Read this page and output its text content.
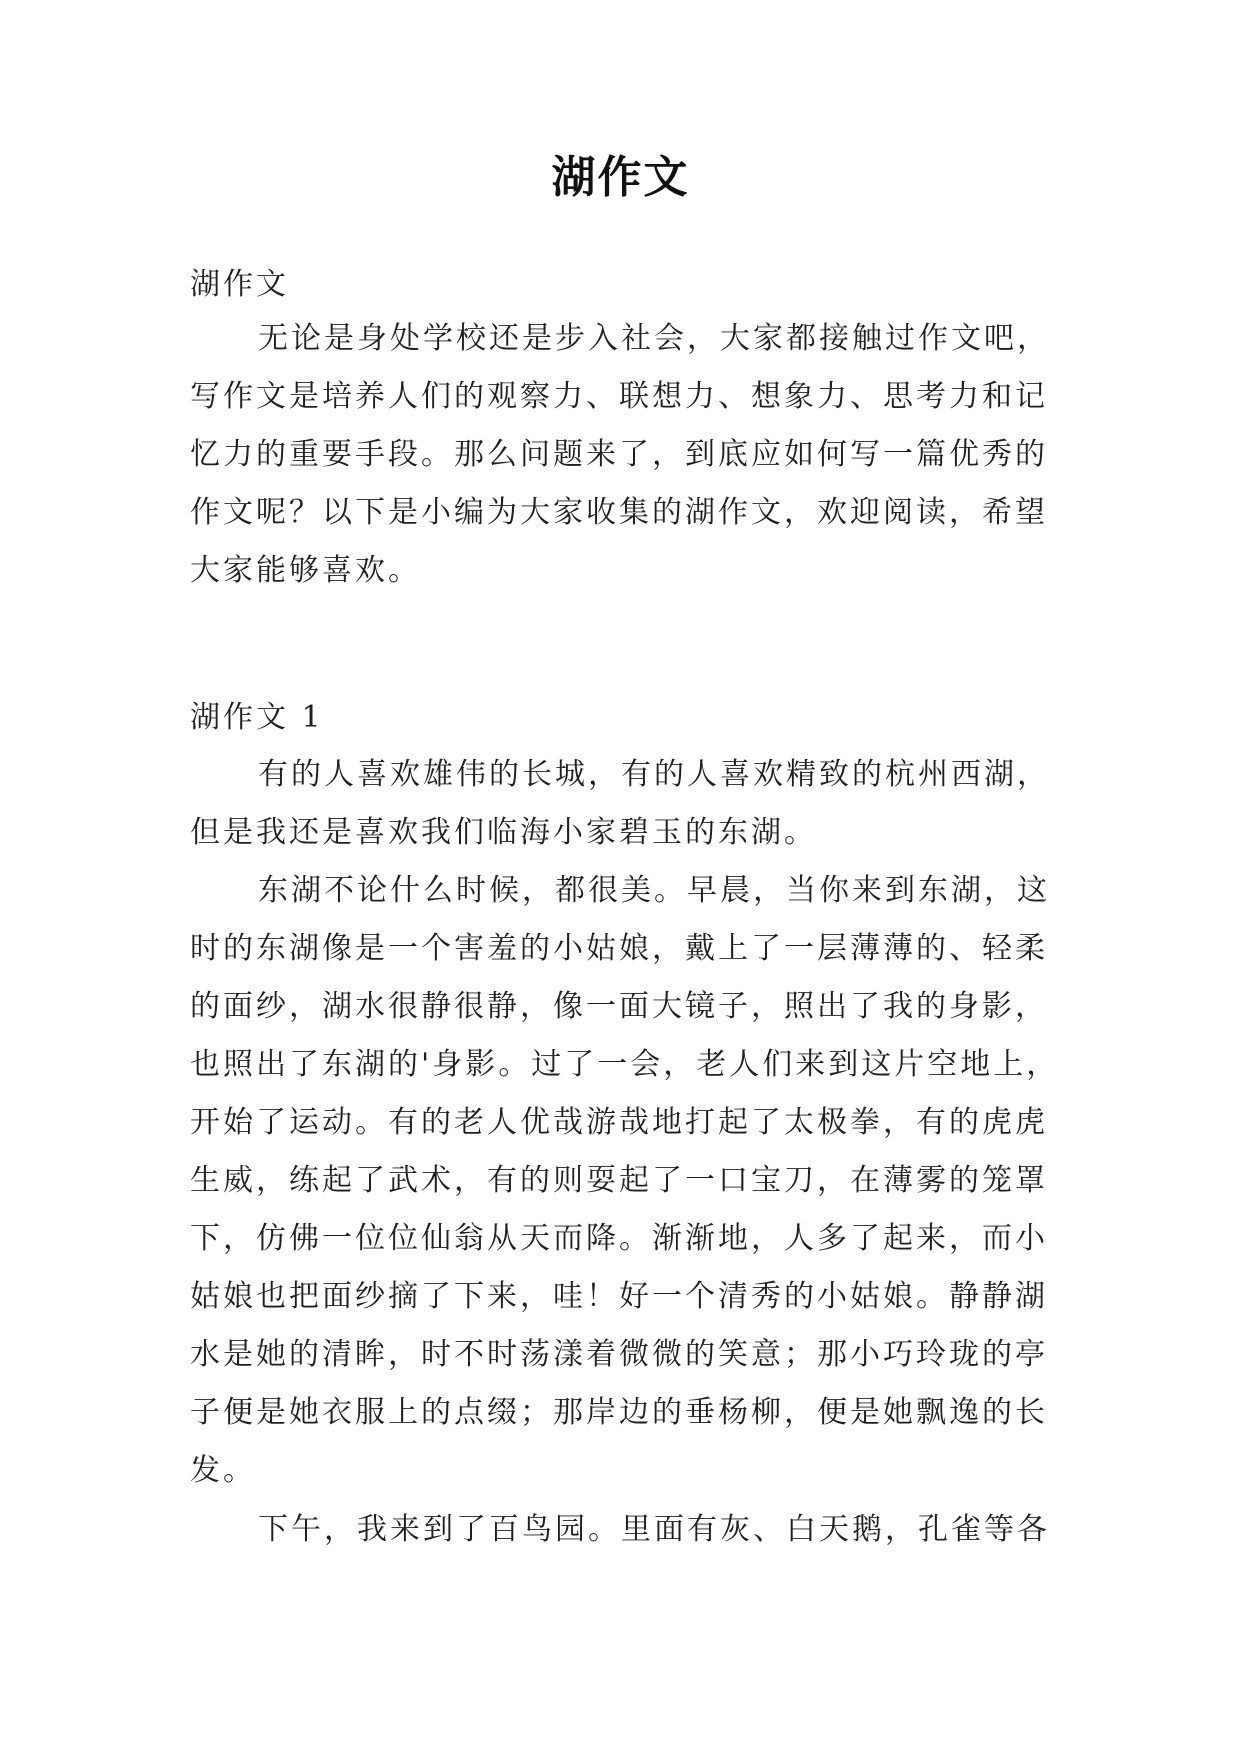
湖作文
湖作文
无论是身处学校还是步入社会，大家都接触过作文吧，
写作文是培养人们的观察力、联想力、想象力、思考力和记
忆力的重要手段。那么问题来了，到底应如何写一篇优秀的
作文呢？以下是小编为大家收集的湖作文，欢迎阅读，希望
大家能够喜欢。
湖作文 1
有的人喜欢雄伟的长城，有的人喜欢精致的杭州西湖，
但是我还是喜欢我们临海小家碧玉的东湖。
东湖不论什么时候，都很美。早晨，当你来到东湖，这
时的东湖像是一个害羞的小姑娘，戴上了一层薄薄的、轻柔
的面纱，湖水很静很静，像一面大镜子，照出了我的身影，
也照出了东湖的'身影。过了一会，老人们来到这片空地上，
开始了运动。有的老人优哉游哉地打起了太极拳，有的虎虎
生威，练起了武术，有的则耍起了一口宝刀，在薄雾的笼罩
下，仿佛一位位仙翁从天而降。渐渐地，人多了起来，而小
姑娘也把面纱摘了下来，哇！好一个清秀的小姑娘。静静湖
水是她的清眸，时不时荡漾着微微的笑意；那小巧玲珑的亭
子便是她衣服上的点缀；那岸边的垂杨柳，便是她飘逸的长
发。
下午，我来到了百鸟园。里面有灰、白天鹅，孔雀等各
